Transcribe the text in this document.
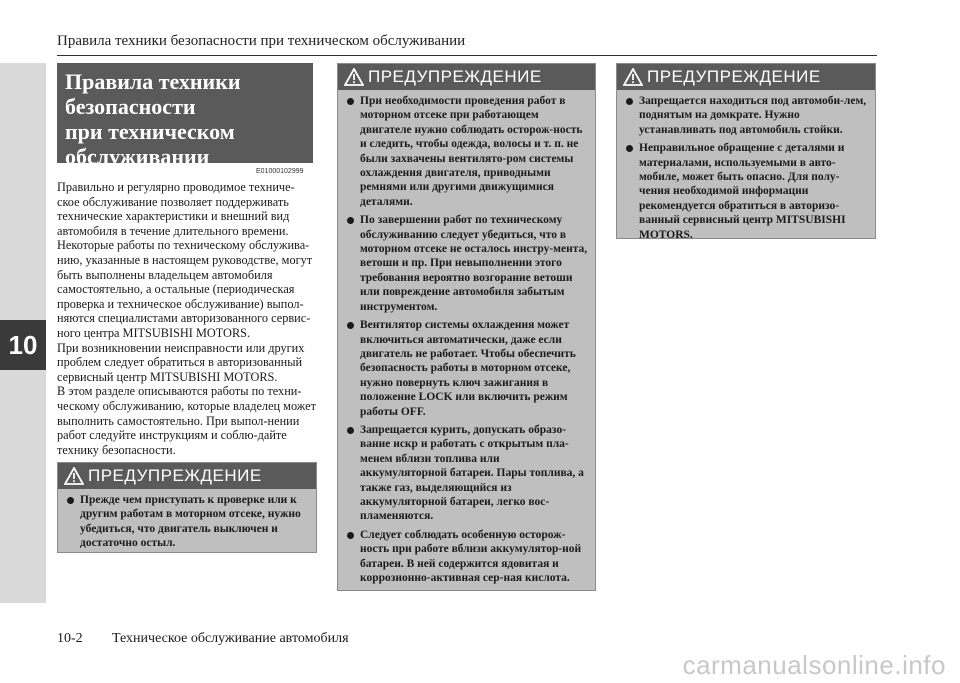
10
Правила техники безопасности при техническом обслуживании
Правила техники
безопасности
при техническом
обслуживании
E01000102999

Правильно и регулярно проводимое техниче-ское обслуживание позволяет поддерживать технические характеристики и внешний вид автомобиля в течение длительного времени. Некоторые работы по техническому обслужива-нию, указанные в настоящем руководстве, могут быть выполнены владельцем автомобиля самостоятельно, а остальные (периодическая проверка и техническое обслуживание) выпол-няются специалистами авторизованного сервис-ного центра MITSUBISHI MOTORS.

При возникновении неисправности или других проблем следует обратиться в авторизованный сервисный центр MITSUBISHI MOTORS.

В этом разделе описываются работы по техни-ческому обслуживанию, которые владелец может выполнить самостоятельно. При выпол-нении работ следуйте инструкциям и соблю-дайте технику безопасности.

ПРЕДУПРЕЖДЕНИЕ
Прежде чем приступать к проверке или к другим работам в моторном отсеке, нужно убедиться, что двигатель выключен и достаточно остыл.
ПРЕДУПРЕЖДЕНИЕ
При необходимости проведения работ в моторном отсеке при работающем двигателе нужно соблюдать осторож-ность и следить, чтобы одежда, волосы и т. п. не были захвачены вентилято-ром системы охлаждения двигателя, приводными ремнями или другими движущимися деталями.
По завершении работ по техническому обслуживанию следует убедиться, что в моторном отсеке не осталось инстру-мента, ветоши и пр. При невыполнении этого требования вероятно возгорание ветоши или повреждение автомобиля забытым инструментом.
Вентилятор системы охлаждения может включиться автоматически, даже если двигатель не работает. Чтобы обеспечить безопасность работы в моторном отсеке, нужно повернуть ключ зажигания в положение LOCK или включить режим работы OFF.
Запрещается курить, допускать образо-вание искр и работать с открытым пла-менем вблизи топлива или аккумуляторной батареи. Пары топлива, а также газ, выделяющийся из аккумуляторной батареи, легко вос-пламеняются.
Следует соблюдать особенную осторож-ность при работе вблизи аккумулятор-ной батареи. В ней содержится ядовитая и коррозионно-активная сер-ная кислота.
ПРЕДУПРЕЖДЕНИЕ
Запрещается находиться под автомоби-лем, поднятым на домкрате. Нужно устанавливать под автомобиль стойки.
Неправильное обращение с деталями и материалами, используемыми в авто-мобиле, может быть опасно. Для полу-чения необходимой информации рекомендуется обратиться в авторизо-ванный сервисный центр MITSUBISHI MOTORS.
10-2 Техническое обслуживание автомобиля
carmanualsonline.info
